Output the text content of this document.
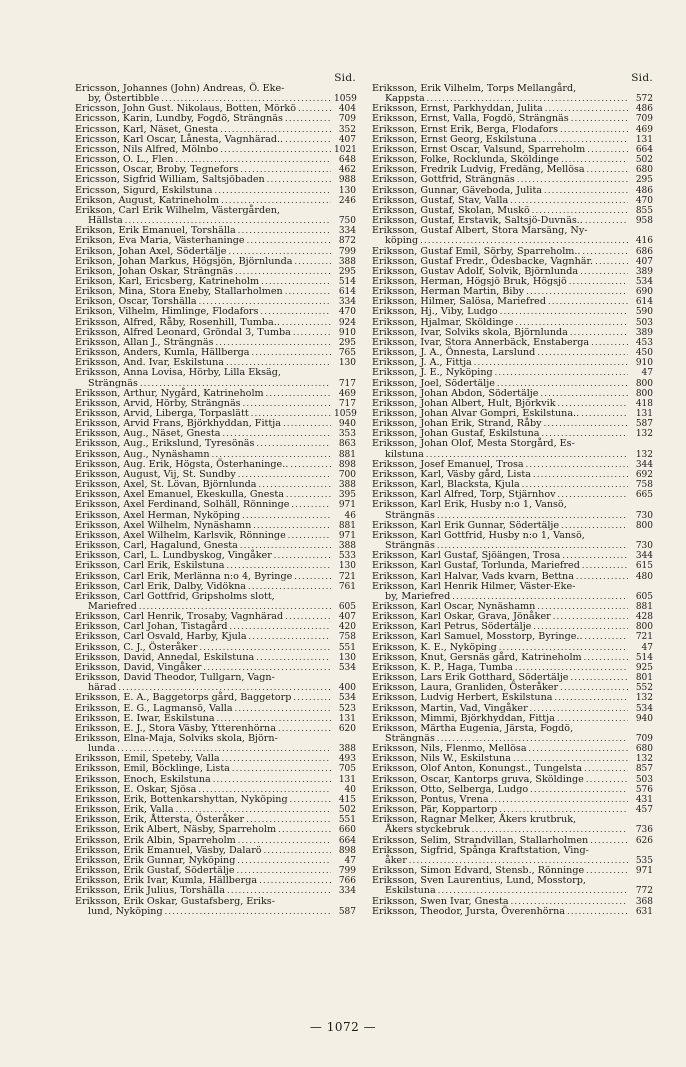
Sid.
Ericsson, Johannes (John) Andreas, Ö. Eke-
by, Östertibble . . .	1059
Ericsson, John Gust. Nikolaus, Botten, Mörkö . . .	404
Ericsson, Karin, Lundby, Fogdö, Strängnäs . . .	709
Ericsson, Karl, Näset, Gnesta . . .	352
Ericsson, Karl Oscar, Lånesta, Vagnhärad.. . . .	407
Ericsson, Nils Alfred, Mölnbo . . .	1021
Ericsson, O. L., Flen . . .	648
Ericsson, Oscar, Broby, Tegnefors . . .	462
Ericsson, Sigfrid William, Saltsjöbaden . . .	988
Ericsson, Sigurd, Eskilstuna . . .	130
Erikson, August, Katrineholm . . .	246
Erikson, Carl Erik Wilhelm, Västergården,
Hällsta . . .	750
Erikson, Erik Emanuel, Torshälla . . .	334
Erikson, Eva Maria, Västerhaninge . . .	872
Erikson, Johan Axel, Södertälje . . .	799
Erikson, Johan Markus, Högsjön, Björnlunda . . .	388
Erikson, Johan Oskar, Strängnäs . . .	295
Erikson, Karl, Ericsberg, Katrineholm . . .	514
Erikson, Mina, Stora Eneby, Stallarholmen . . .	614
Erikson, Oscar, Torshälla . . .	334
Erikson, Vilhelm, Himlinge, Flodafors . . .	470
Eriksson, Alfred, Råby, Rosenhill, Tumba.. . . .	924
Eriksson, Alfred Leonard, Gröndal 3, Tumba . . .	910
Eriksson, Allan J., Strängnäs . . .	295
Eriksson, Anders, Kumla, Hällberga . . .	765
Eriksson, And. Ivar, Eskilstuna . . .	130
Eriksson, Anna Lovisa, Hörby, Lilla Eksäg,
Strängnäs . . .	717
Eriksson, Arthur, Nygård, Katrineholm . . .	469
Eriksson, Arvid, Hörby, Strängnäs . . .	717
Eriksson, Arvid, Liberga, Torpaslätt . . .	1059
Eriksson, Arvid Frans, Björkhyddan, Fittja . . .	940
Eriksson, Aug., Näset, Gnesta . . .	353
Eriksson, Aug., Erikslund, Tyresönäs . . .	863
Eriksson, Aug., Nynäshamn . . .	881
Eriksson, Aug. Erik, Högsta, Österhaninge.. . . .	898
Eriksson, August, Vij, St. Sundby . . .	700
Eriksson, Axel, St. Lövan, Björnlunda . . .	388
Eriksson, Axel Emanuel, Ekeskulla, Gnesta . . .	395
Eriksson, Axel Ferdinand, Solhäll, Rönninge . . .	971
Eriksson, Axel Herman, Nyköping . . .	46
Eriksson, Axel Wilhelm, Nynäshamn . . .	881
Eriksson, Axel Wilhelm, Karlsvik, Rönninge . . .	971
Eriksson, Carl, Hagalund, Gnesta . . .	388
Eriksson, Carl, L. Lundbyskog, Vingåker . . .	533
Eriksson, Carl Erik, Eskilstuna . . .	130
Eriksson, Carl Erik, Merlänna n:o 4, Byringe . . .	721
Eriksson, Carl Erik, Dalby, Vidökna . . .	761
Eriksson, Carl Gottfrid, Gripsholms slott,
Mariefred . . .	605
Eriksson, Carl Henrik, Trosaby, Vagnhärad . . .	407
Eriksson, Carl Johan, Tistagård . . .	420
Eriksson, Carl Osvald, Harby, Kjula . . .	758
Eriksson, C. J., Österåker . . .	551
Eriksson, David, Annedal, Eskilstuna . . .	130
Eriksson, David, Vingåker . . .	534
Eriksson, David Theodor, Tullgarn, Vagn-
härad . . .	400
Eriksson, E. A., Baggetorps gård, Baggetorp . . .	534
Eriksson, E. G., Lagmansö, Valla . . .	523
Eriksson, E. Iwar, Eskilstuna . . .	131
Eriksson, E. J., Stora Väsby, Ytterenhörna . . .	620
Eriksson, Elna-Maja, Solviks skola, Björn-
lunda . . .	388
Eriksson, Emil, Speteby, Valla . . .	493
Eriksson, Emil, Böcklinge, Lista . . .	705
Eriksson, Enoch, Eskilstuna . . .	131
Eriksson, E. Oskar, Sjösa . . .	40
Eriksson, Erik, Bottenkarshyttan, Nyköping . . .	415
Eriksson, Erik, Valla . . .	502
Eriksson, Erik, Åttersta, Österåker . . .	551
Eriksson, Erik Albert, Näsby, Sparreholm . . .	660
Eriksson, Erik Albin, Sparreholm . . .	664
Eriksson, Erik Emanuel, Väsby, Dalarö . . .	898
Eriksson, Erik Gunnar, Nyköping . . .	47
Eriksson, Erik Gustaf, Södertälje . . .	799
Eriksson, Erik Ivar, Kumla, Hällberga . . .	766
Eriksson, Erik Julius, Torshälla . . .	334
Eriksson, Erik Oskar, Gustafsberg, Eriks-
lund, Nyköping . . .	587
Sid.
Eriksson, Erik Vilhelm, Torps Mellangård,
Kappsta . . .	572
Eriksson, Ernst, Parkhyddan, Julita . . .	486
Eriksson, Ernst, Valla, Fogdö, Strängnäs . . .	709
Eriksson, Ernst Erik, Berga, Flodafors . . .	469
Eriksson, Ernst Georg, Eskilstuna . . .	131
Eriksson, Ernst Oscar, Valsund, Sparreholm . . .	664
Eriksson, Folke, Rocklunda, Sköldinge . . .	502
Eriksson, Fredrik Ludvig, Fredäng, Mellösa . . .	680
Eriksson, Gottfrid, Strängnäs . . .	295
Eriksson, Gunnar, Gäveboda, Julita . . .	486
Eriksson, Gustaf, Stav, Valla . . .	470
Eriksson, Gustaf, Skolan, Muskö . . .	855
Eriksson, Gustaf, Erstavik, Saltsjö-Duvnäs.. . . .	958
Eriksson, Gustaf Albert, Stora Marsäng, Ny-
köping . . .	416
Eriksson, Gustaf Emil, Sörby, Sparreholm.. . . .	686
Eriksson, Gustaf Fredr., Ödesbacke, Vagnhär. . . .	407
Eriksson, Gustav Adolf, Solvik, Björnlunda . . .	389
Eriksson, Herman, Högsjö Bruk, Högsjö . . .	534
Eriksson, Herman Martin, Biby . . .	690
Eriksson, Hilmer, Salösa, Mariefred . . .	614
Eriksson, Hj., Viby, Ludgo . . .	590
Eriksson, Hjalmar, Sköldinge . . .	503
Eriksson, Ivar, Solviks skola, Björnlunda . . .	389
Eriksson, Ivar, Stora Annerbäck, Enstaberga . . .	453
Eriksson, J. A., Önnesta, Larslund . . .	450
Eriksson, J. A., Fittja . . .	910
Eriksson, J. E., Nyköping . . .	47
Eriksson, Joel, Södertälje . . .	800
Eriksson, Johan Abdon, Södertälje . . .	800
Eriksson, Johan Albert, Hult, Björkvik . . .	418
Eriksson, Johan Alvar Gompri, Eskilstuna.. . . .	131
Eriksson, Johan Erik, Strand, Råby . . .	587
Eriksson, Johan Gustaf, Eskilstuna . . .	132
Eriksson, Johan Olof, Mesta Storgård, Es-
kilstuna . . .	132
Eriksson, Josef Emanuel, Trosa . . .	344
Eriksson, Karl, Väsby gård, Lista . . .	692
Eriksson, Karl, Blacksta, Kjula . . .	758
Eriksson, Karl Alfred, Torp, Stjärnhov . . .	665
Eriksson, Karl Erik, Husby n:o 1, Vansö,
Strängnäs . . .	730
Eriksson, Karl Erik Gunnar, Södertälje . . .	800
Eriksson, Karl Gottfrid, Husby n:o 1, Vansö,
Strängnäs . . .	730
Eriksson, Karl Gustaf, Sjöängen, Trosa . . .	344
Eriksson, Karl Gustaf, Torlunda, Mariefred . . .	615
Eriksson, Karl Halvar, Vads kvarn, Bettna . . .	480
Eriksson, Karl Henrik Hilmer, Väster-Eke-
by, Mariefred . . .	605
Eriksson, Karl Oscar, Nynäshamn . . .	881
Eriksson, Karl Oskar, Grava, Jönåker . . .	428
Eriksson, Karl Petrus, Södertälje . . .	800
Eriksson, Karl Samuel, Mosstorp, Byringe.. . . .	721
Eriksson, K. E., Nyköping . . .	47
Eriksson, Knut, Gersnäs gård, Katrineholm . . .	514
Eriksson, K. P., Haga, Tumba . . .	925
Eriksson, Lars Erik Gotthard, Södertälje . . .	801
Eriksson, Laura, Granliden, Österåker . . .	552
Eriksson, Ludvig Herbert, Eskilstuna . . .	132
Eriksson, Martin, Vad, Vingåker . . .	534
Eriksson, Mimmi, Björkhyddan, Fittja . . .	940
Eriksson, Märtha Eugenia, Järsta, Fogdö,
Strängnäs . . .	709
Eriksson, Nils, Flenmo, Mellösa . . .	680
Eriksson, Nils W., Eskilstuna . . .	132
Eriksson, Olof Anton, Konungst., Tungelsta . . .	857
Eriksson, Oscar, Kantorps gruva, Sköldinge . . .	503
Eriksson, Otto, Selberga, Ludgo . . .	576
Eriksson, Pontus, Vrena . . .	431
Eriksson, Pär, Koppartorp . . .	457
Eriksson, Ragnar Melker, Åkers krutbruk,
Åkers styckebruk . . .	736
Eriksson, Selim, Strandvillan, Stallarholmen . . .	626
Eriksson, Sigfrid, Spånga Kraftstation, Ving-
åker . . .	535
Eriksson, Simon Edvard, Stensb., Rönninge . . .	971
Eriksson, Sven Laurentius, Lund, Mosstorp,
Eskilstuna . . .	772
Eriksson, Swen Ivar, Gnesta . . .	368
Eriksson, Theodor, Jursta, Överenhörna . . .	631
— 1072 —
